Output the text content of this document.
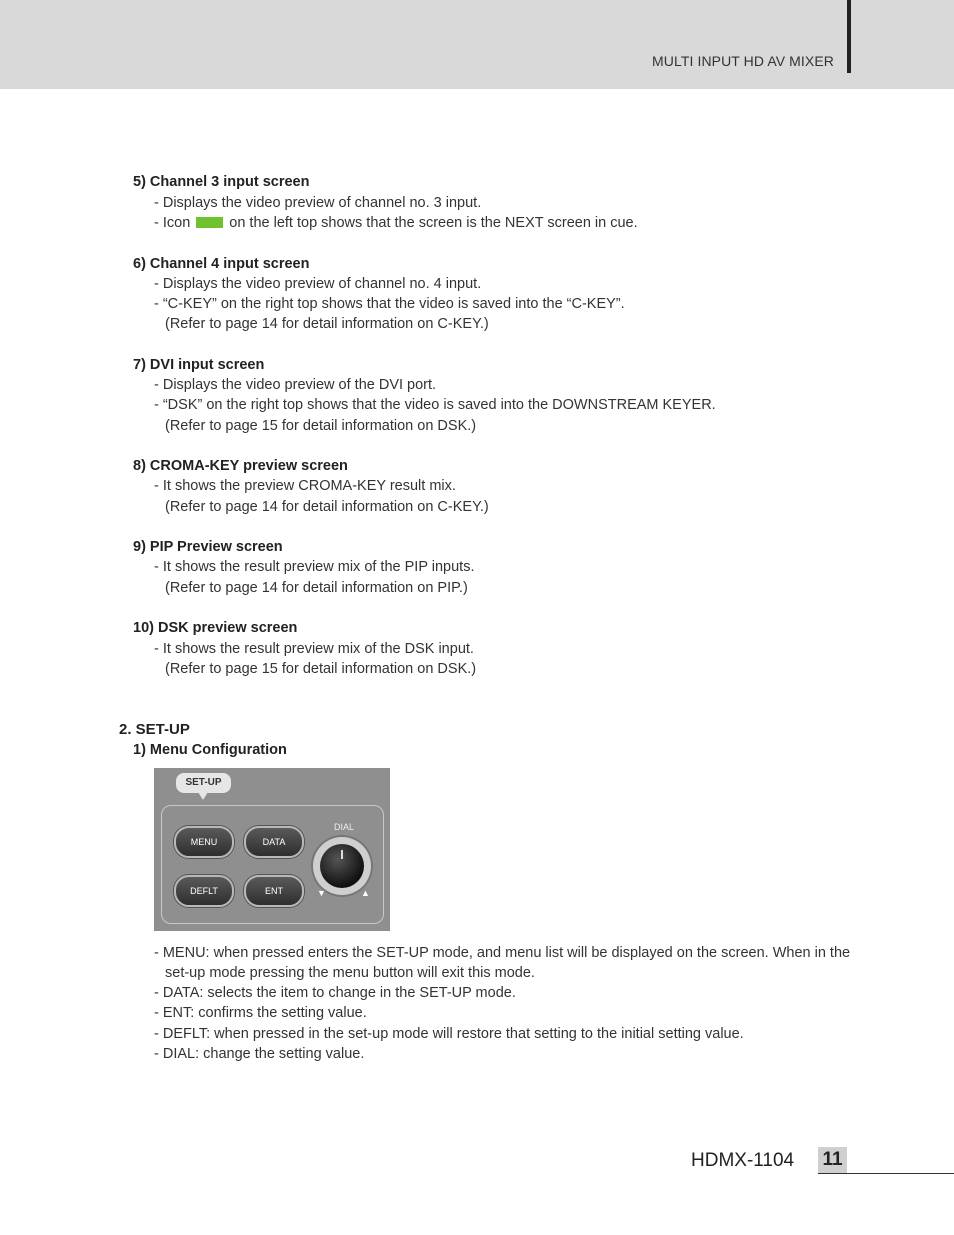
MULTI INPUT HD AV MIXER
5) Channel 3 input screen
- Displays the video preview of channel no. 3 input.
- Icon	on the left top shows that the screen is the NEXT screen in cue.
6) Channel 4 input screen
- Displays the video preview of channel no. 4 input.
- “C-KEY” on the right top shows that the video is saved into the “C-KEY”.
(Refer to page 14 for detail information on C-KEY.)
7) DVI input screen
- Displays the video preview of the DVI port.
- “DSK” on the right top shows that the video is saved into the DOWNSTREAM KEYER.
(Refer to page 15 for detail information on DSK.)
8) CROMA-KEY preview screen
- It shows the preview CROMA-KEY result mix.
(Refer to page 14 for detail information on C-KEY.)
9) PIP Preview screen
- It shows the result preview mix of the PIP inputs.
(Refer to page 14 for detail information on PIP.)
10) DSK preview screen
- It shows the result preview mix of the DSK input.
(Refer to page 15 for detail information on DSK.)
2. SET-UP
1) Menu Configuration
SET-UP
MENU	DATA
DEFLT	ENT
DIAL
▼	▲
- MENU: when pressed enters the SET-UP mode, and menu list will be displayed on the screen. When in the
set-up mode pressing the menu button will exit this mode.
- DATA: selects the item to change in the SET-UP mode.
- ENT: confirms the setting value.
- DEFLT: when pressed in the set-up mode will restore that setting to the initial setting value.
- DIAL: change the setting value.
HDMX-1104 11
